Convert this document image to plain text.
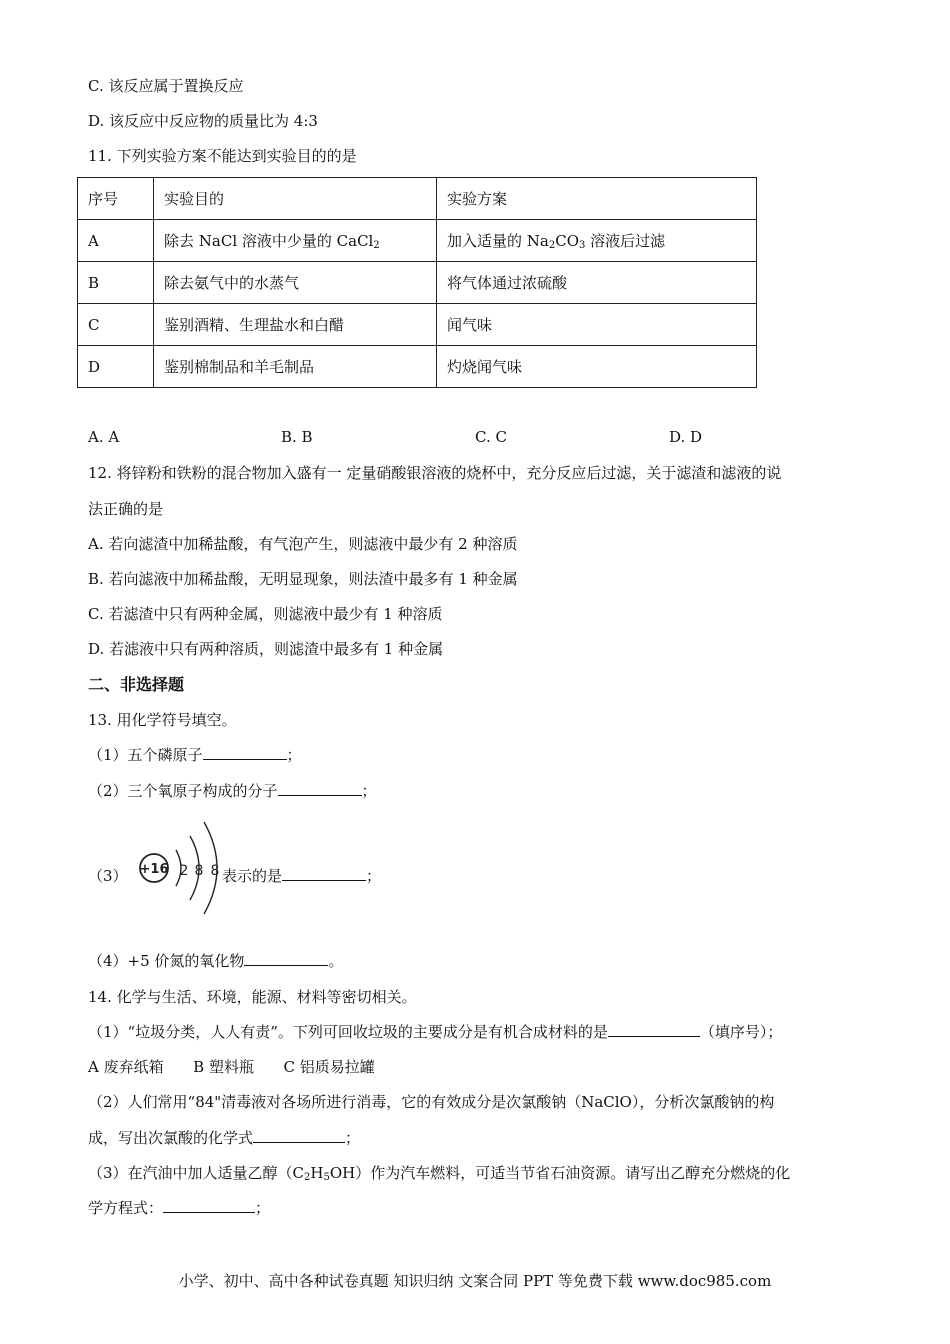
C. 该反应属于置换反应
D. 该反应中反应物的质量比为 4:3
11. 下列实验方案不能达到实验目的的是
序号	实验目的	实验方案
A	除去 NaCl 溶液中少量的 CaCl$_2$	加入适量的 $Na_2CO_3$ 溶液后过滤
B	除去氨气中的水蒸气	将气体通过浓硫酸
C	鉴别酒精、生理盐水和白醋	闻气味
D	鉴别棉制品和羊毛制品	灼烧闻气味
A. A	B. B	C. C	D. D
12. 将锌粉和铁粉的混合物加入盛有一 定量硝酸银溶液的烧杯中，充分反应后过滤，关于滤渣和滤液的说
法正确的是
A. 若向滤渣中加稀盐酸，有气泡产生，则滤液中最少有 2 种溶质
B. 若向滤液中加稀盐酸，无明显现象，则法渣中最多有 1 种金属
C. 若滤渣中只有两种金属，则滤液中最少有 1 种溶质
D. 若滤液中只有两种溶质，则滤渣中最多有 1 种金属
二、非选择题
13. 用化学符号填空。
（1）五个磷原子	；
（2）三个氧原子构成的分子	；
（3） +16 2 8 8 表示的是	；
（4）+5 价氮的氧化物	。
14. 化学与生活、环境，能源、材料等密切相关。
（1）“垃圾分类，人人有责”。下列可回收垃圾的主要成分是有机合成材料的是	（填序号）；
A 废弃纸箱 B 塑料瓶 C 铝质易拉罐
（2）人们常用“84"清毒液对各场所进行消毒，它的有效成分是次氯酸钠（NaClO），分析次氯酸钠的构
成，写出次氯酸的化学式	；
（3）在汽油中加人适量乙醇$(C_2H_5OH)$作为汽车燃料，可适当节省石油资源。请写出乙醇充分燃烧的化
学方程式：	；
小学、初中、高中各种试卷真题 知识归纳 文案合同 PPT 等免费下载 www.doc985.com
